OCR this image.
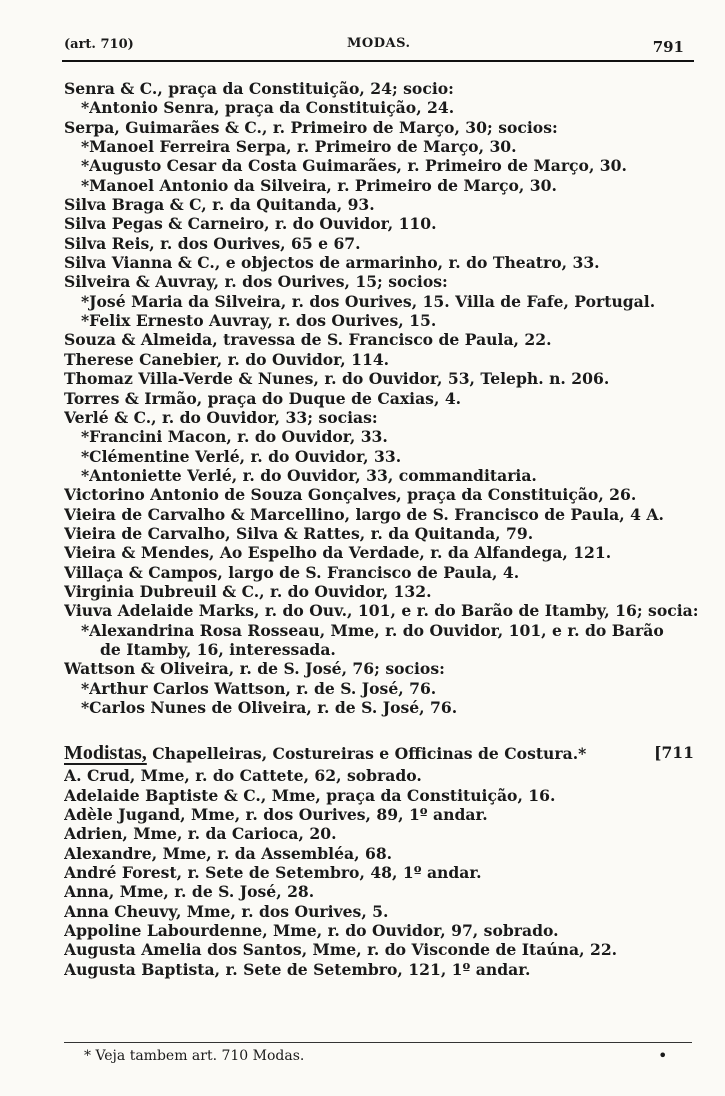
(art. 710)	MODAS.	791
Senra & C., praça da Constituição, 24; socio:
*Antonio Senra, praça da Constituição, 24.
Serpa, Guimarães & C., r. Primeiro de Março, 30; socios:
*Manoel Ferreira Serpa, r. Primeiro de Março, 30.
*Augusto Cesar da Costa Guimarães, r. Primeiro de Março, 30.
*Manoel Antonio da Silveira, r. Primeiro de Março, 30.
Silva Braga & C, r. da Quitanda, 93.
Silva Pegas & Carneiro, r. do Ouvidor, 110.
Silva Reis, r. dos Ourives, 65 e 67.
Silva Vianna & C., e objectos de armarinho, r. do Theatro, 33.
Silveira & Auvray, r. dos Ourives, 15; socios:
*José Maria da Silveira, r. dos Ourives, 15. Villa de Fafe, Portugal.
*Felix Ernesto Auvray, r. dos Ourives, 15.
Souza & Almeida, travessa de S. Francisco de Paula, 22.
Therese Canebier, r. do Ouvidor, 114.
Thomaz Villa-Verde & Nunes, r. do Ouvidor, 53, Teleph. n. 206.
Torres & Irmão, praça do Duque de Caxias, 4.
Verlé & C., r. do Ouvidor, 33; socias:
*Francini Macon, r. do Ouvidor, 33.
*Clémentine Verlé, r. do Ouvidor, 33.
*Antoniette Verlé, r. do Ouvidor, 33, commanditaria.
Victorino Antonio de Souza Gonçalves, praça da Constituição, 26.
Vieira de Carvalho & Marcellino, largo de S. Francisco de Paula, 4 A.
Vieira de Carvalho, Silva & Rattes, r. da Quitanda, 79.
Vieira & Mendes, Ao Espelho da Verdade, r. da Alfandega, 121.
Villaça & Campos, largo de S. Francisco de Paula, 4.
Virginia Dubreuil & C., r. do Ouvidor, 132.
Viuva Adelaide Marks, r. do Ouv., 101, e r. do Barão de Itamby, 16; socia:
*Alexandrina Rosa Rosseau, Mme, r. do Ouvidor, 101, e r. do Barão
de Itamby, 16, interessada.
Wattson & Oliveira, r. de S. José, 76; socios:
*Arthur Carlos Wattson, r. de S. José, 76.
*Carlos Nunes de Oliveira, r. de S. José, 76.
Modistas, Chapelleiras, Costureiras e Officinas de Costura.*	[711
A. Crud, Mme, r. do Cattete, 62, sobrado.
Adelaide Baptiste & C., Mme, praça da Constituição, 16.
Adèle Jugand, Mme, r. dos Ourives, 89, 1º andar.
Adrien, Mme, r. da Carioca, 20.
Alexandre, Mme, r. da Assembléa, 68.
André Forest, r. Sete de Setembro, 48, 1º andar.
Anna, Mme, r. de S. José, 28.
Anna Cheuvy, Mme, r. dos Ourives, 5.
Appoline Labourdenne, Mme, r. do Ouvidor, 97, sobrado.
Augusta Amelia dos Santos, Mme, r. do Visconde de Itaúna, 22.
Augusta Baptista, r. Sete de Setembro, 121, 1º andar.
* Veja tambem art. 710 Modas.	•
